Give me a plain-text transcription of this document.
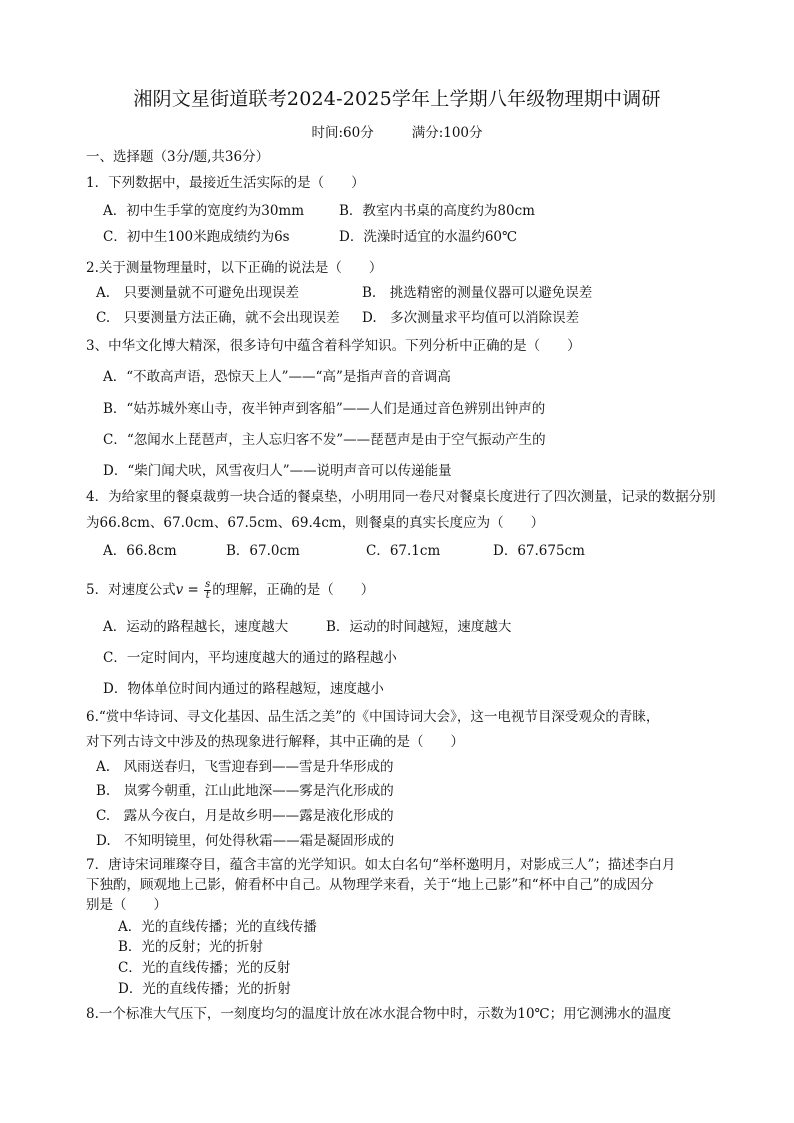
湘阴文星街道联考2024-2025学年上学期八年级物理期中调研
时间:60分	满分:100分
一、选择题（3分/题,共36分）
1．下列数据中，最接近生活实际的是（　　）
A．初中生手掌的宽度约为30mm	B．教室内书桌的高度约为80cm
C．初中生100米跑成绩约为6s	D．洗澡时适宜的水温约60℃
2.关于测量物理量时，以下正确的说法是（　　）
A.　只要测量就不可避免出现误差	B.　挑选精密的测量仪器可以避免误差
C.　只要测量方法正确，就不会出现误差 D.　多次测量求平均值可以消除误差
3、中华文化博大精深，很多诗句中蕴含着科学知识。下列分析中正确的是（　　）
A．“不敢高声语，恐惊天上人”——“高”是指声音的音调高
B．“姑苏城外寒山寺，夜半钟声到客船”——人们是通过音色辨别出钟声的
C．“忽闻水上琵琶声，主人忘归客不发”——琵琶声是由于空气振动产生的
D．“柴门闻犬吠，风雪夜归人”——说明声音可以传递能量
4．为给家里的餐桌裁剪一块合适的餐桌垫，小明用同一卷尺对餐桌长度进行了四次测量，记录的数据分别
为66.8cm、67.0cm、67.5cm、69.4cm，则餐桌的真实长度应为（　　）
A．66.8cm	B．67.0cm	C．67.1cm	D．67.675cm
5．对速度公式$v = \frac{s}{t}$ 的理解，正确的是（　　）
A．运动的路程越长，速度越大	B．运动的时间越短，速度越大
C．一定时间内，平均速度越大的通过的路程越小
D．物体单位时间内通过的路程越短，速度越小
6.“赏中华诗词、寻文化基因、品生活之美”的《中国诗词大会》，这一电视节目深受观众的青睐，
对下列古诗文中涉及的热现象进行解释，其中正确的是（　　）
A.　风雨送春归，飞雪迎春到——雪是升华形成的
B.　岚雾今朝重，江山此地深——雾是汽化形成的
C.　露从今夜白，月是故乡明——露是液化形成的
D.　不知明镜里，何处得秋霜——霜是凝固形成的
7．唐诗宋词璀璨夺目，蕴含丰富的光学知识。如太白名句“举杯邀明月，对影成三人”；描述李白月
下独酌，顾观地上己影，俯看杯中自己。从物理学来看，关于“地上己影”和“杯中自己”的成因分
别是（　　）
A．光的直线传播；光的直线传播
B．光的反射；光的折射
C．光的直线传播；光的反射
D．光的直线传播；光的折射
8.一个标准大气压下，一刻度均匀的温度计放在冰水混合物中时，示数为10℃；用它测沸水的温度
